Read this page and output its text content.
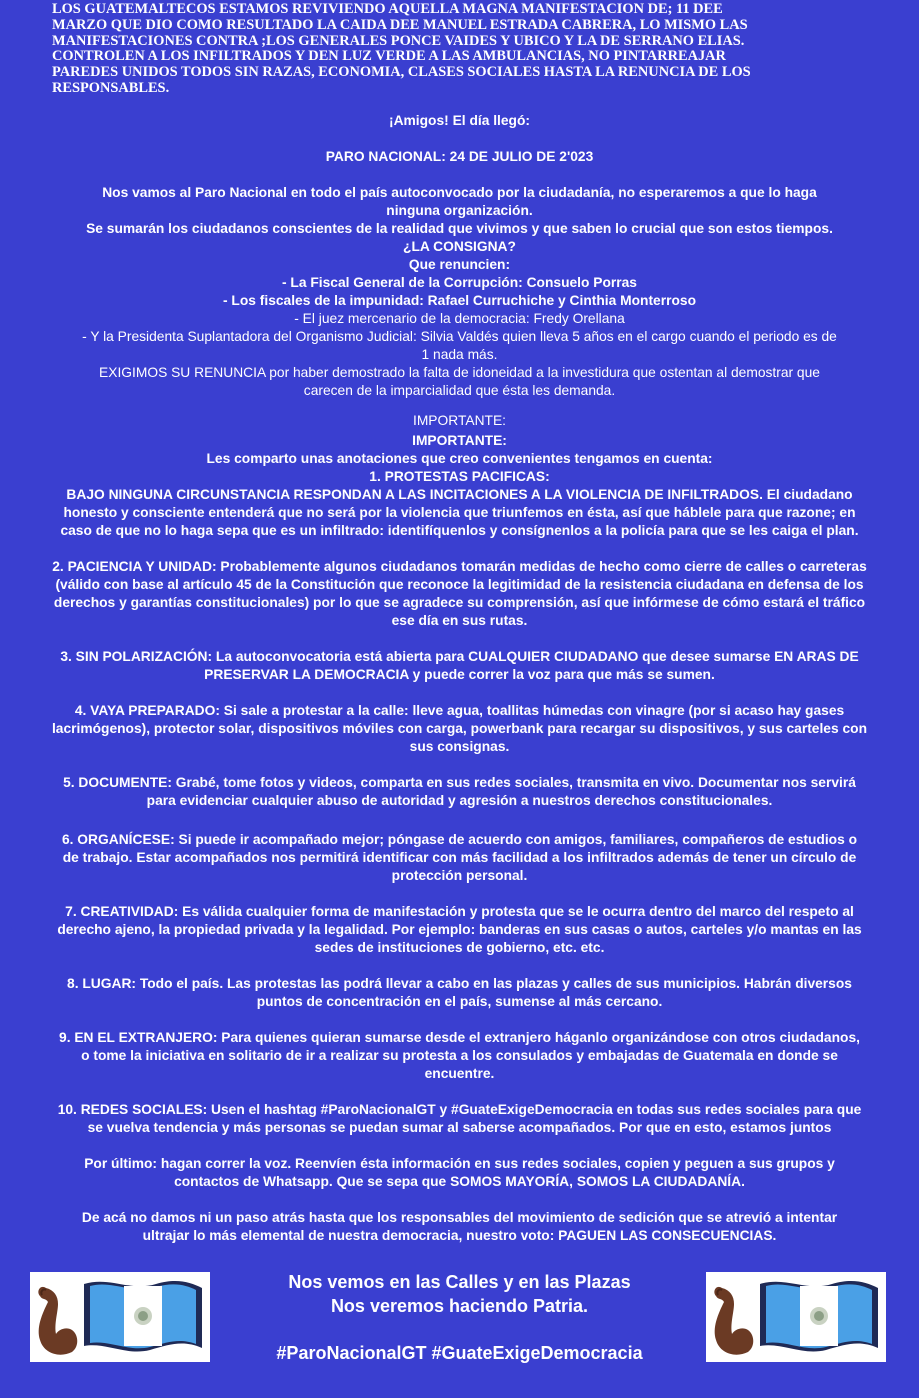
LOS GUATEMALTECOS ESTAMOS REVIVIENDO AQUELLA MAGNA MANIFESTACION DE; 11 DEE
MARZO QUE DIO COMO RESULTADO LA CAIDA DEE MANUEL ESTRADA CABRERA, LO MISMO LAS
MANIFESTACIONES CONTRA ;LOS GENERALES PONCE VAIDES Y UBICO Y LA DE SERRANO ELIAS.
CONTROLEN A LOS INFILTRADOS Y DEN LUZ VERDE A LAS AMBULANCIAS, NO PINTARREAJAR
PAREDES UNIDOS TODOS SIN RAZAS, ECONOMIA, CLASES SOCIALES HASTA LA RENUNCIA DE LOS
RESPONSABLES.
¡Amigos! El día llegó:
PARO NACIONAL: 24 DE JULIO DE 2'023
Nos vamos al Paro Nacional en todo el país autoconvocado por la ciudadanía, no esperaremos a que lo haga
ninguna organización.
Se sumarán los ciudadanos conscientes de la realidad que vivimos y que saben lo crucial que son estos tiempos.
¿LA CONSIGNA?
Que renuncien:
- La Fiscal General de la Corrupción: Consuelo Porras
- Los fiscales de la impunidad: Rafael Curruchiche y Cinthia Monterroso
- El juez mercenario de la democracia: Fredy Orellana
- Y la Presidenta Suplantadora del Organismo Judicial: Silvia Valdés quien lleva 5 años en el cargo cuando el periodo es de
1 nada más.
EXIGIMOS SU RENUNCIA por haber demostrado la falta de idoneidad a la investidura que ostentan al demostrar que
carecen de la imparcialidad que ésta les demanda.
IMPORTANTE:
IMPORTANTE:
Les comparto unas anotaciones que creo convenientes tengamos en cuenta:
1. PROTESTAS PACIFICAS:
BAJO NINGUNA CIRCUNSTANCIA RESPONDAN A LAS INCITACIONES A LA VIOLENCIA DE INFILTRADOS. El ciudadano
honesto y consciente entenderá que no será por la violencia que triunfemos en ésta, así que háblele para que razone; en
caso de que no lo haga sepa que es un infiltrado: identifíquenlos y consígnenlos a la policía para que se les caiga el plan.
2. PACIENCIA Y UNIDAD: Probablemente algunos ciudadanos tomarán medidas de hecho como cierre de calles o carreteras
(válido con base al artículo 45 de la Constitución que reconoce la legitimidad de la resistencia ciudadana en defensa de los
derechos y garantías constitucionales) por lo que se agradece su comprensión, así que infórmese de cómo estará el tráfico
ese día en sus rutas.
3. SIN POLARIZACIÓN: La autoconvocatoria está abierta para CUALQUIER CIUDADANO que desee sumarse EN ARAS DE
PRESERVAR LA DEMOCRACIA y puede correr la voz para que más se sumen.
4. VAYA PREPARADO: Si sale a protestar a la calle: lleve agua, toallitas húmedas con vinagre (por si acaso hay gases
lacrimógenos), protector solar, dispositivos móviles con carga, powerbank para recargar su dispositivos, y sus carteles con
sus consignas.
5. DOCUMENTE: Grabé, tome fotos y videos, comparta en sus redes sociales, transmita en vivo. Documentar nos servirá
para evidenciar cualquier abuso de autoridad y agresión a nuestros derechos constitucionales.
6. ORGANÍCESE: Si puede ir acompañado mejor; póngase de acuerdo con amigos, familiares, compañeros de estudios o
de trabajo. Estar acompañados nos permitirá identificar con más facilidad a los infiltrados además de tener un círculo de
protección personal.
7. CREATIVIDAD: Es válida cualquier forma de manifestación y protesta que se le ocurra dentro del marco del respeto al
derecho ajeno, la propiedad privada y la legalidad. Por ejemplo: banderas en sus casas o autos, carteles y/o mantas en las
sedes de instituciones de gobierno, etc. etc.
8. LUGAR: Todo el país. Las protestas las podrá llevar a cabo en las plazas y calles de sus municipios. Habrán diversos
puntos de concentración en el país, sumense al más cercano.
9. EN EL EXTRANJERO: Para quienes quieran sumarse desde el extranjero háganlo organizándose con otros ciudadanos,
o tome la iniciativa en solitario de ir a realizar su protesta a los consulados y embajadas de Guatemala en donde se
encuentre.
10. REDES SOCIALES: Usen el hashtag #ParoNacionalGT y #GuateExigeDemocracia en todas sus redes sociales para que
se vuelva tendencia y más personas se puedan sumar al saberse acompañados. Por que en esto, estamos juntos
Por último: hagan correr la voz. Reenvíen ésta información en sus redes sociales, copien y peguen a sus grupos y
contactos de Whatsapp. Que se sepa que SOMOS MAYORÍA, SOMOS LA CIUDADANÍA.
De acá no damos ni un paso atrás hasta que los responsables del movimiento de sedición que se atrevió a intentar
ultrajar lo más elemental de nuestra democracia, nuestro voto: PAGUEN LAS CONSECUENCIAS.
Nos vemos en las Calles y en las Plazas
Nos veremos haciendo Patria.
#ParoNacionalGT #GuateExigeDemocracia
